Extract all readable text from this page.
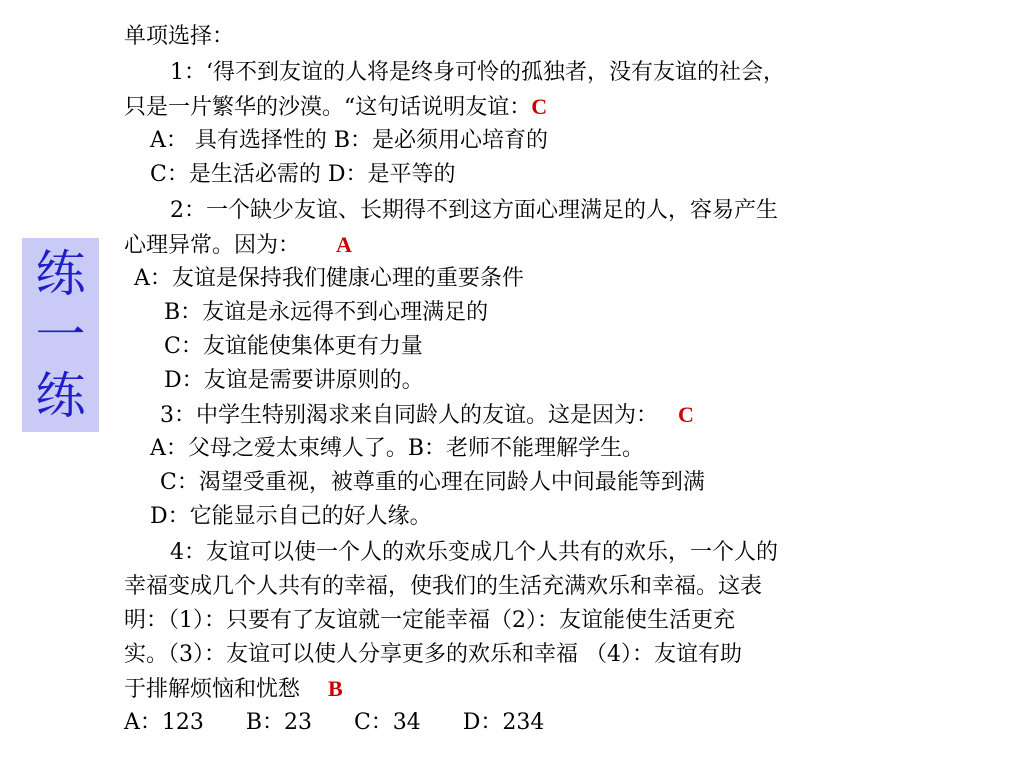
练
一
练
单项选择：
1：‘得不到友谊的人将是终身可怜的孤独者，没有友谊的社会，
只是一片繁华的沙漠。“这句话说明友谊：C
A： 具有选择性的 B：是必须用心培育的
C：是生活必需的 D：是平等的
2：一个缺少友谊、长期得不到这方面心理满足的人，容易产生
心理异常。因为： A
A：友谊是保持我们健康心理的重要条件
B：友谊是永远得不到心理满足的
C：友谊能使集体更有力量
D：友谊是需要讲原则的。
3：中学生特别渴求来自同龄人的友谊。这是因为： C
A：父母之爱太束缚人了。B：老师不能理解学生。
C：渴望受重视，被尊重的心理在同龄人中间最能等到满
D：它能显示自己的好人缘。
4：友谊可以使一个人的欢乐变成几个人共有的欢乐，一个人的
幸福变成几个人共有的幸福，使我们的生活充满欢乐和幸福。这表
明：（1）：只要有了友谊就一定能幸福（2）：友谊能使生活更充
实。（3）：友谊可以使人分享更多的欢乐和幸福 （4）：友谊有助
于排解烦恼和忧愁 B
A：123      B：23      C：34      D：234
